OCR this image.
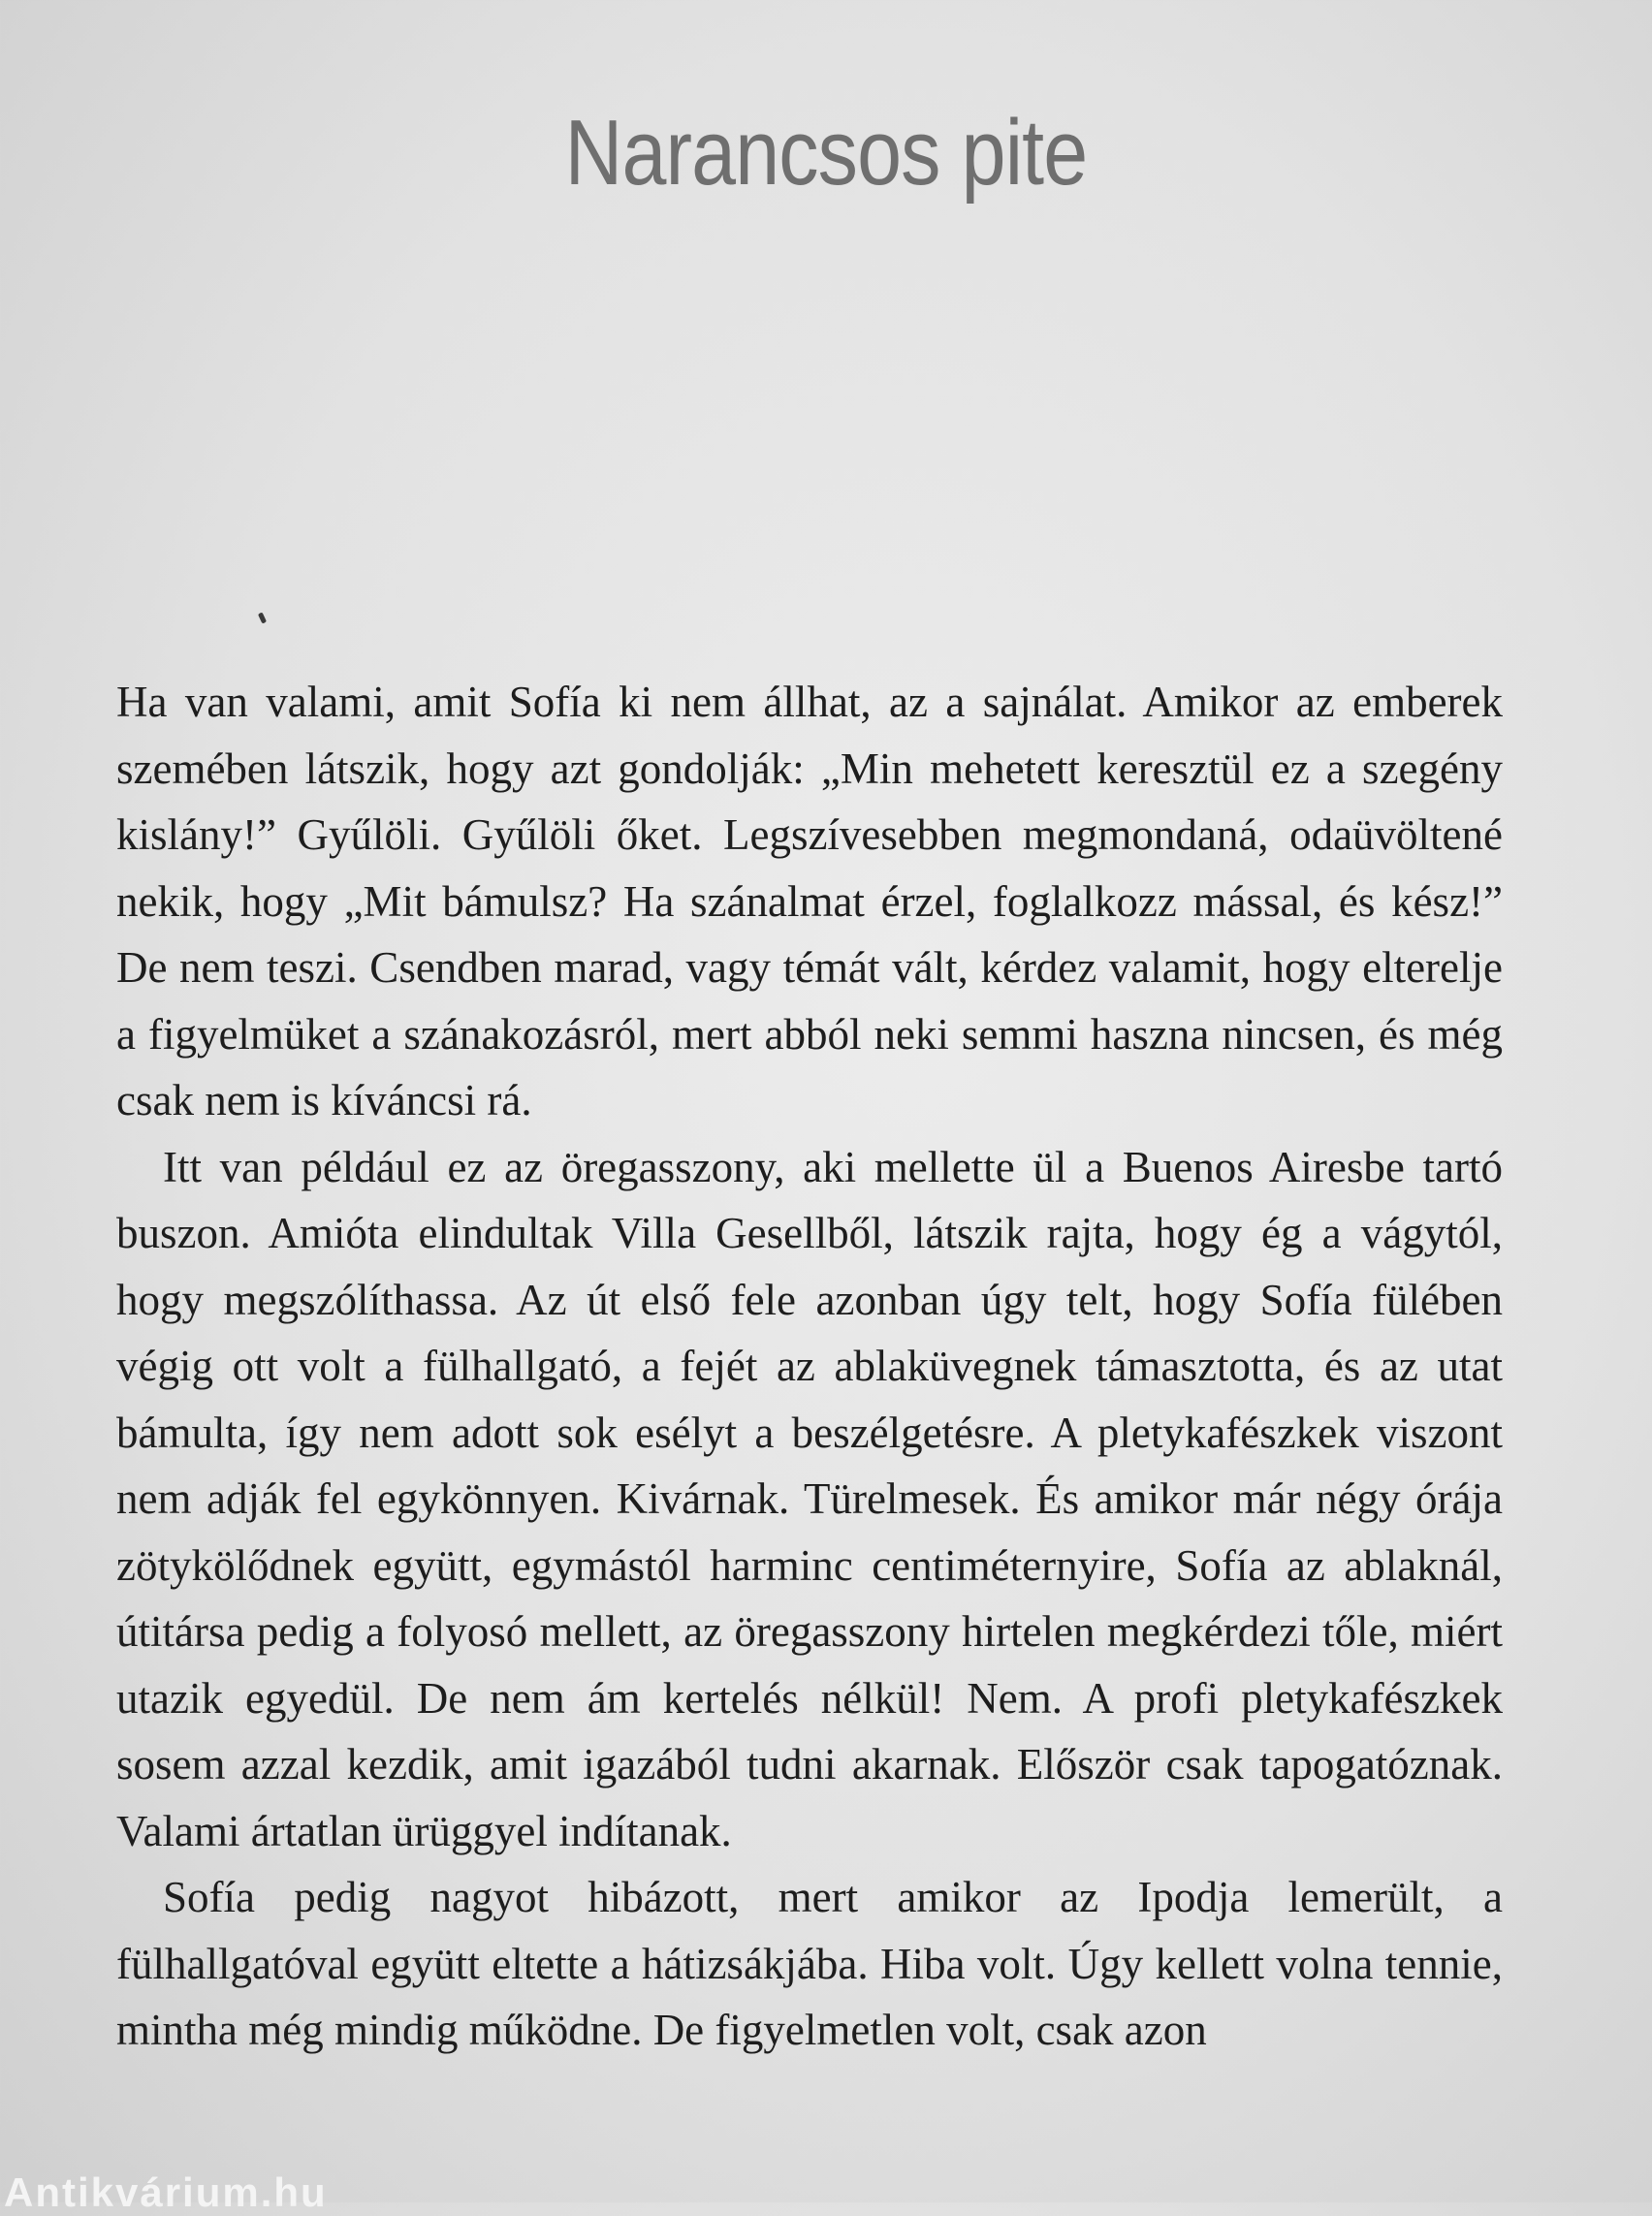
Narancsos pite

Ha van valami, amit Sofía ki nem állhat, az a sajnálat. Amikor az emberek szemében látszik, hogy azt gondolják: „Min mehetett keresztül ez a szegény kislány!” Gyűlöli. Gyűlöli őket. Legszívesebben megmondaná, odaüvöltené nekik, hogy „Mit bámulsz? Ha szánalmat érzel, foglalkozz mással, és kész!” De nem teszi. Csendben marad, vagy témát vált, kérdez valamit, hogy elterelje a figyelmüket a szánakozásról, mert abból neki semmi haszna nincsen, és még csak nem is kíváncsi rá.

Itt van például ez az öregasszony, aki mellette ül a Buenos Airesbe tartó buszon. Amióta elindultak Villa Gesellből, látszik rajta, hogy ég a vágytól, hogy megszólíthassa. Az út első fele azonban úgy telt, hogy Sofía fülében végig ott volt a fülhallgató, a fejét az ablaküvegnek támasztotta, és az utat bámulta, így nem adott sok esélyt a beszélgetésre. A pletykafészkek viszont nem adják fel egykönnyen. Kivárnak. Türelmesek. És amikor már négy órája zötykölődnek együtt, egymástól harminc centiméternyire, Sofía az ablaknál, útitársa pedig a folyosó mellett, az öregasszony hirtelen megkérdezi tőle, miért utazik egyedül. De nem ám kertelés nélkül! Nem. A profi pletykafészkek sosem azzal kezdik, amit igazából tudni akarnak. Először csak tapogatóznak. Valami ártatlan ürüggyel indítanak.

Sofía pedig nagyot hibázott, mert amikor az Ipodja lemerült, a fülhallgatóval együtt eltette a hátizsákjába. Hiba volt. Úgy kellett volna tennie, mintha még mindig működne. De figyelmetlen volt, csak azon

Antikvárium.hu
